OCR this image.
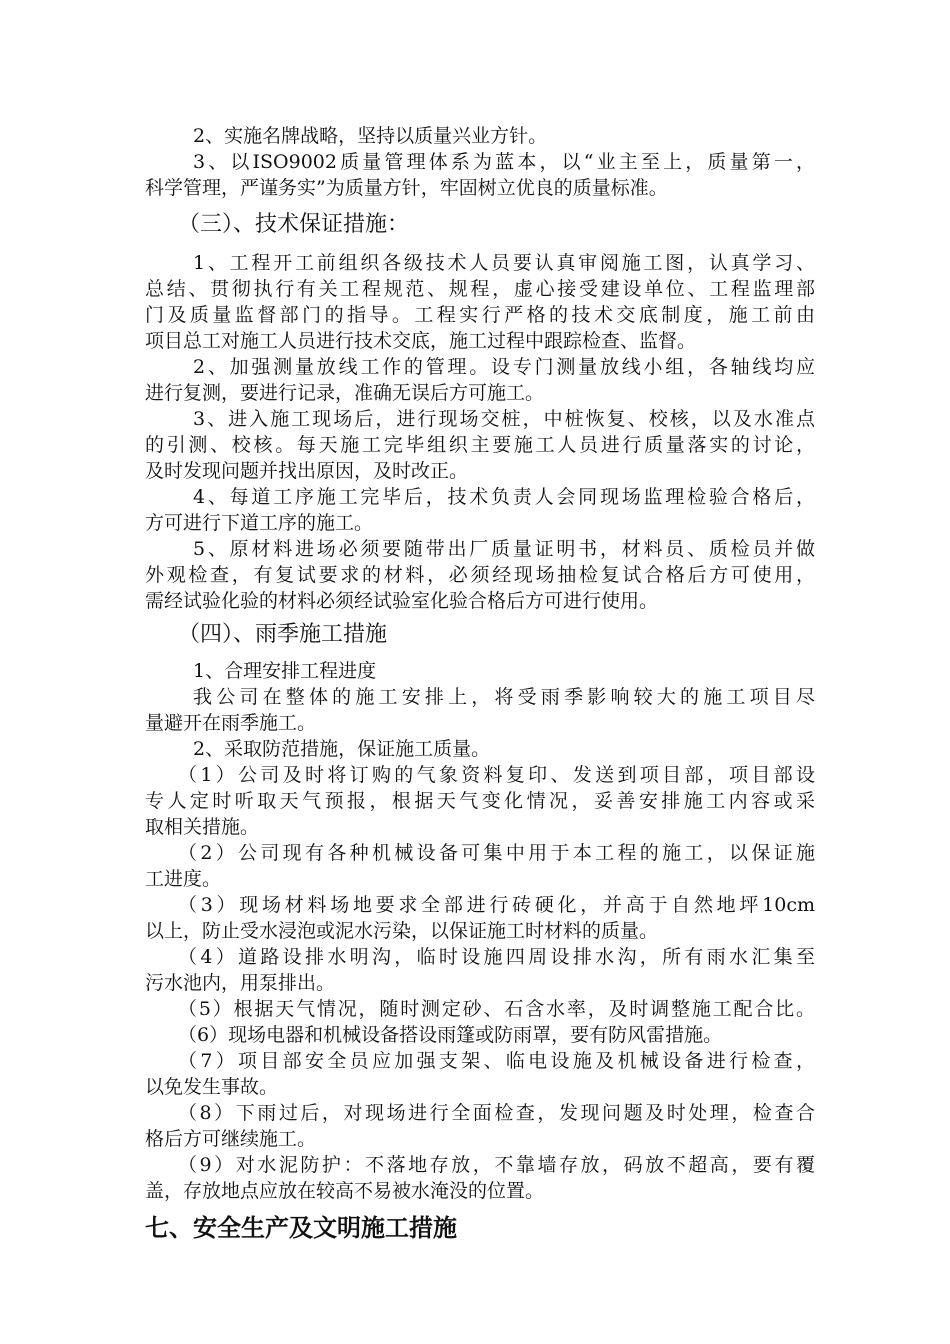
2、实施名牌战略，坚持以质量兴业方针。
3、以ISO9002质量管理体系为蓝本，以“业主至上，质量第一，
科学管理，严谨务实”为质量方针，牢固树立优良的质量标准。
（三）、技术保证措施：
1、工程开工前组织各级技术人员要认真审阅施工图，认真学习、
总结、贯彻执行有关工程规范、规程，虚心接受建设单位、工程监理部
门及质量监督部门的指导。工程实行严格的技术交底制度，施工前由
项目总工对施工人员进行技术交底，施工过程中跟踪检查、监督。
2、加强测量放线工作的管理。设专门测量放线小组，各轴线均应
进行复测，要进行记录，准确无误后方可施工。
3、进入施工现场后，进行现场交桩，中桩恢复、校核，以及水准点
的引测、校核。每天施工完毕组织主要施工人员进行质量落实的讨论，
及时发现问题并找出原因，及时改正。
4、每道工序施工完毕后，技术负责人会同现场监理检验合格后，
方可进行下道工序的施工。
5、原材料进场必须要随带出厂质量证明书，材料员、质检员并做
外观检查，有复试要求的材料，必须经现场抽检复试合格后方可使用，
需经试验化验的材料必须经试验室化验合格后方可进行使用。
（四）、雨季施工措施
1、合理安排工程进度
我公司在整体的施工安排上，将受雨季影响较大的施工项目尽
量避开在雨季施工。
2、采取防范措施，保证施工质量。
（1）公司及时将订购的气象资料复印、发送到项目部，项目部设
专人定时听取天气预报，根据天气变化情况，妥善安排施工内容或采
取相关措施。
（2）公司现有各种机械设备可集中用于本工程的施工，以保证施
工进度。
（3）现场材料场地要求全部进行砖硬化，并高于自然地坪10cm
以上，防止受水浸泡或泥水污染，以保证施工时材料的质量。
（4）道路设排水明沟，临时设施四周设排水沟，所有雨水汇集至
污水池内，用泵排出。
（5）根据天气情况，随时测定砂、石含水率，及时调整施工配合比。
（6）现场电器和机械设备搭设雨篷或防雨罩，要有防风雷措施。
（7）项目部安全员应加强支架、临电设施及机械设备进行检查，
以免发生事故。
（8）下雨过后，对现场进行全面检查，发现问题及时处理，检查合
格后方可继续施工。
（9）对水泥防护：不落地存放，不靠墙存放，码放不超高，要有覆
盖，存放地点应放在较高不易被水淹没的位置。
七、安全生产及文明施工措施
